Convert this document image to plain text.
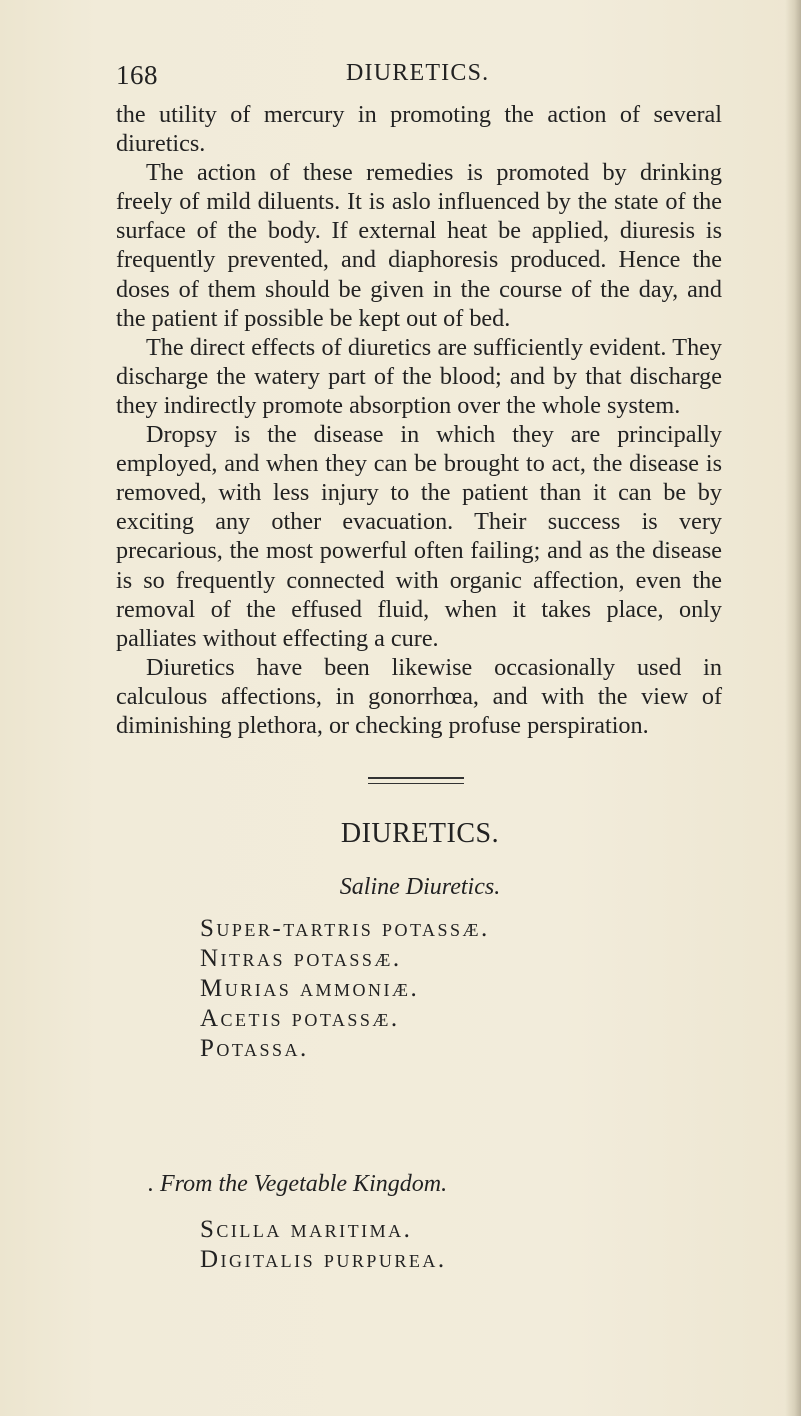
168	DIURETICS.

the utility of mercury in promoting the action of several diuretics.

The action of these remedies is promoted by drinking freely of mild diluents. It is aslo influenced by the state of the surface of the body. If external heat be applied, diuresis is frequently prevented, and diaphoresis produced. Hence the doses of them should be given in the course of the day, and the patient if possible be kept out of bed.

The direct effects of diuretics are sufficiently evident. They discharge the watery part of the blood; and by that discharge they indirectly promote absorption over the whole system.

Dropsy is the disease in which they are principally employed, and when they can be brought to act, the disease is removed, with less injury to the patient than it can be by exciting any other evacuation. Their success is very precarious, the most powerful often failing; and as the disease is so frequently connected with organic affection, even the removal of the effused fluid, when it takes place, only palliates without effecting a cure.

Diuretics have been likewise occasionally used in calculous affections, in gonorrhœa, and with the view of diminishing plethora, or checking profuse perspiration.

DIURETICS.
Saline Diuretics.
Super-tartris potassæ.
Nitras potassæ.
Murias ammoniæ.
Acetis potassæ.
Potassa.
. From the Vegetable Kingdom.
Scilla maritima.
Digitalis purpurea.
